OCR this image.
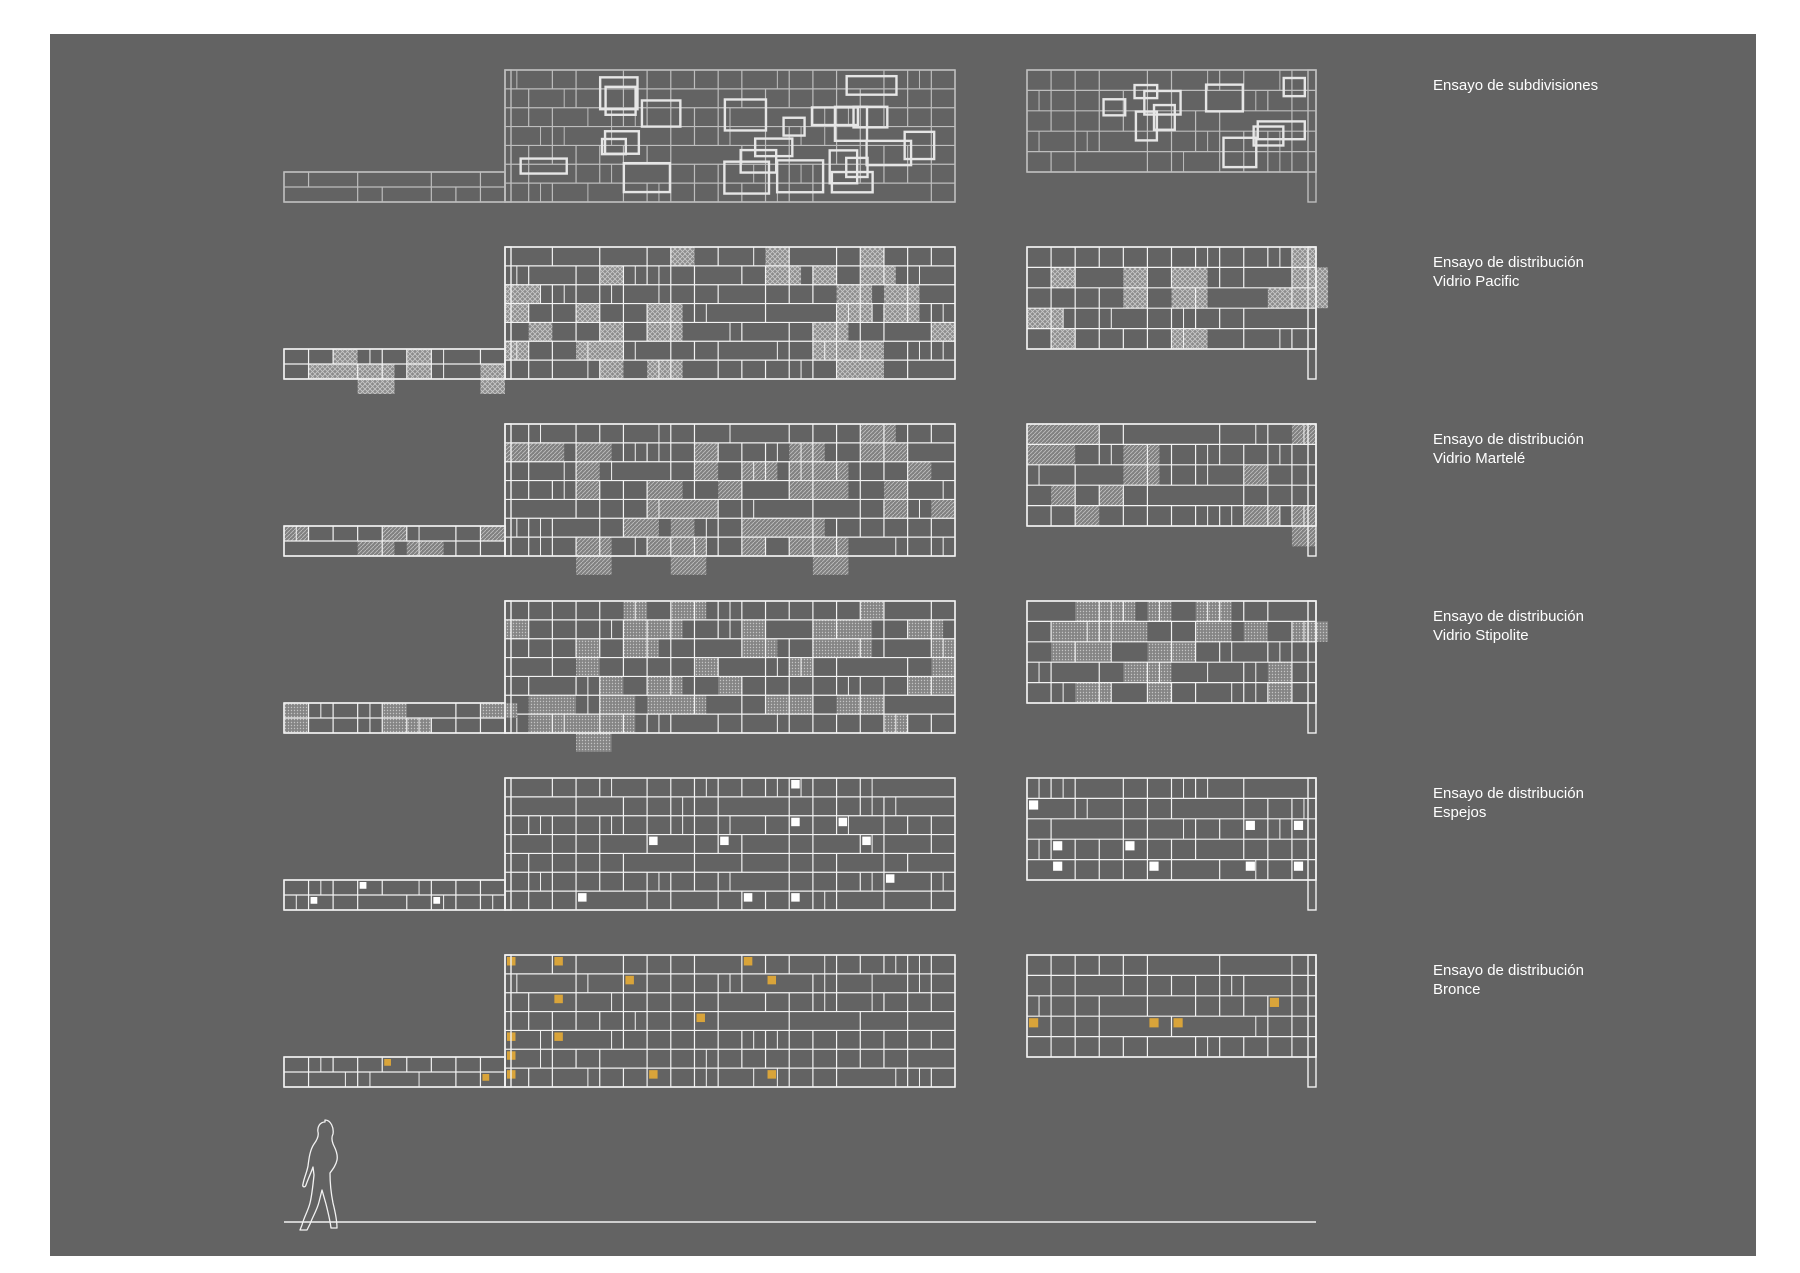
Ensayo de subdivisiones
Ensayo de distribución
Vidrio Pacific
Ensayo de distribución
Vidrio Martelé
Ensayo de distribución
Vidrio Stipolite
Ensayo de distribución
Espejos
Ensayo de distribución
Bronce
